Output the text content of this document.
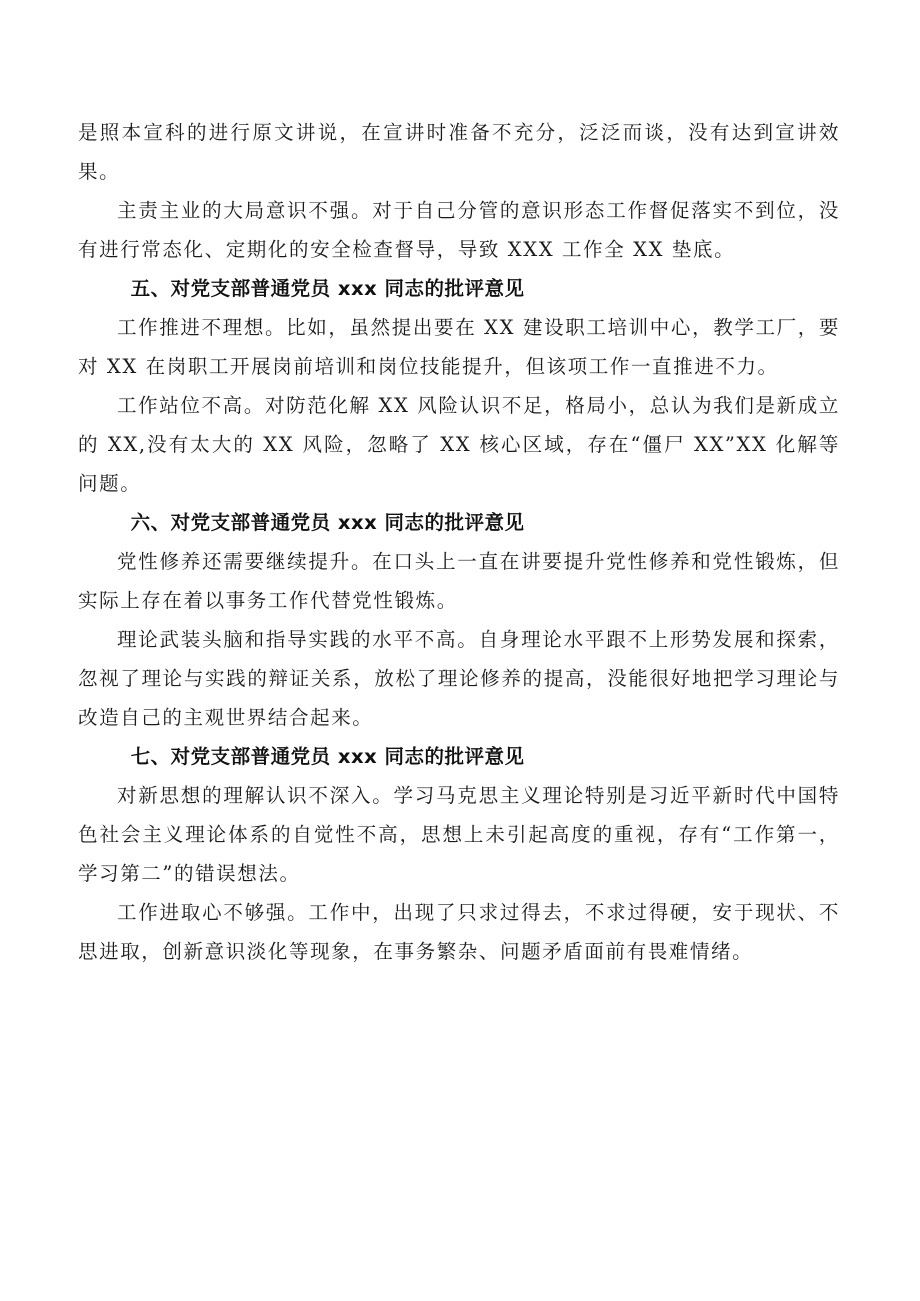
是照本宣科的进行原文讲说，在宣讲时准备不充分，泛泛而谈，没有达到宣讲效果。

主责主业的大局意识不强。对于自己分管的意识形态工作督促落实不到位，没有进行常态化、定期化的安全检查督导，导致 XXX 工作全 XX 垫底。

五、对党支部普通党员 xxx 同志的批评意见

工作推进不理想。比如，虽然提出要在 XX 建设职工培训中心，教学工厂，要对 XX 在岗职工开展岗前培训和岗位技能提升，但该项工作一直推进不力。

工作站位不高。对防范化解 XX 风险认识不足，格局小，总认为我们是新成立的 XX,没有太大的 XX 风险，忽略了 XX 核心区域，存在“僵尸 XX”XX 化解等问题。

六、对党支部普通党员 xxx 同志的批评意见

党性修养还需要继续提升。在口头上一直在讲要提升党性修养和党性锻炼，但实际上存在着以事务工作代替党性锻炼。

理论武装头脑和指导实践的水平不高。自身理论水平跟不上形势发展和探索，忽视了理论与实践的辩证关系，放松了理论修养的提高，没能很好地把学习理论与改造自己的主观世界结合起来。

七、对党支部普通党员 xxx 同志的批评意见

对新思想的理解认识不深入。学习马克思主义理论特别是习近平新时代中国特色社会主义理论体系的自觉性不高，思想上未引起高度的重视，存有“工作第一，学习第二”的错误想法。

工作进取心不够强。工作中，出现了只求过得去，不求过得硬，安于现状、不思进取，创新意识淡化等现象，在事务繁杂、问题矛盾面前有畏难情绪。
